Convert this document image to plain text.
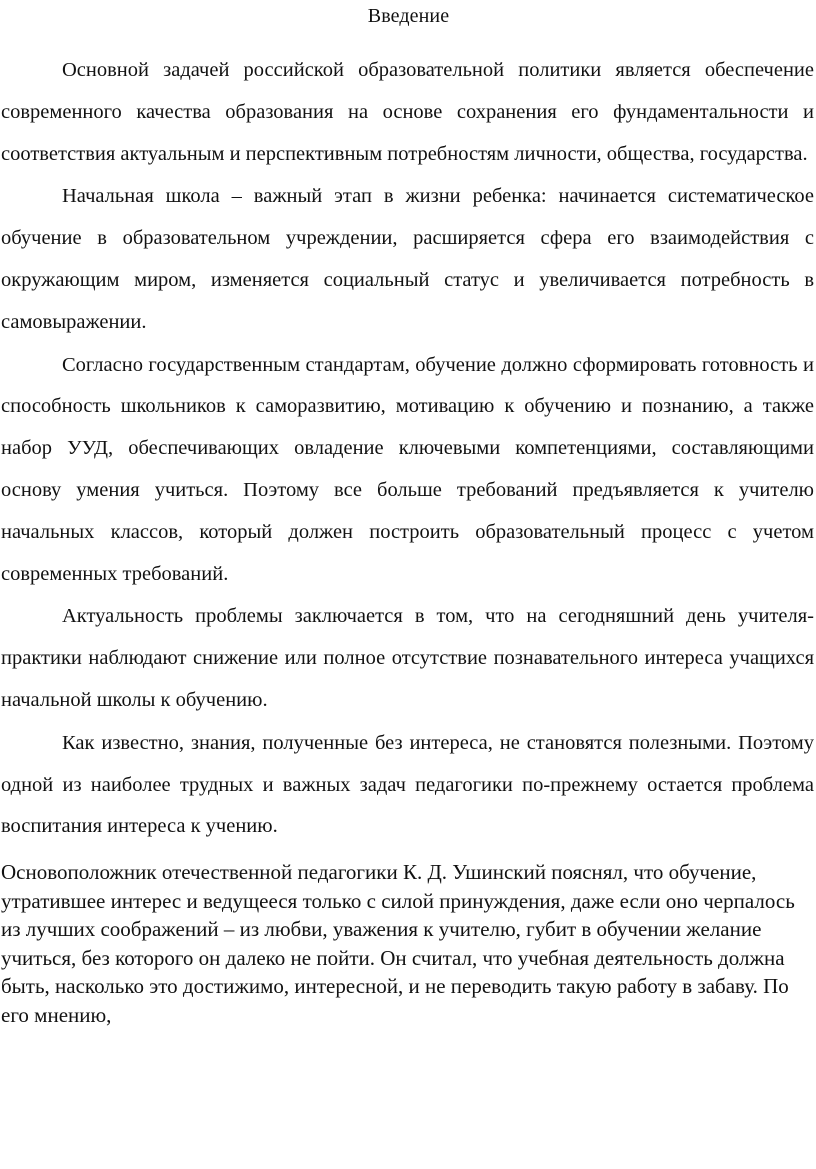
Введение

Основной задачей российской образовательной политики является обеспечение современного качества образования на основе сохранения его фундаментальности и соответствия актуальным и перспективным потребностям личности, общества, государства.

Начальная школа – важный этап в жизни ребенка: начинается систематическое обучение в образовательном учреждении, расширяется сфера его взаимодействия с окружающим миром, изменяется социальный статус и увеличивается потребность в самовыражении.

Согласно государственным стандартам, обучение должно сформировать готовность и способность школьников к саморазвитию, мотивацию к обучению и познанию, а также набор УУД, обеспечивающих овладение ключевыми компетенциями, составляющими основу умения учиться. Поэтому все больше требований предъявляется к учителю начальных классов, который должен построить образовательный процесс с учетом современных требований.

Актуальность проблемы заключается в том, что на сегодняшний день учителя-практики наблюдают снижение или полное отсутствие познавательного интереса учащихся начальной школы к обучению.

Как известно, знания, полученные без интереса, не становятся полезными. Поэтому одной из наиболее трудных и важных задач педагогики по-прежнему остается проблема воспитания интереса к учению.

Основоположник отечественной педагогики К. Д. Ушинский пояснял, что обучение, утратившее интерес и ведущееся только с силой принуждения, даже если оно черпалось из лучших соображений – из любви, уважения к учителю, губит в обучении желание учиться, без которого он далеко не пойти. Он считал, что учебная деятельность должна быть, насколько это достижимо, интересной, и не переводить такую работу в забаву. По его мнению,
